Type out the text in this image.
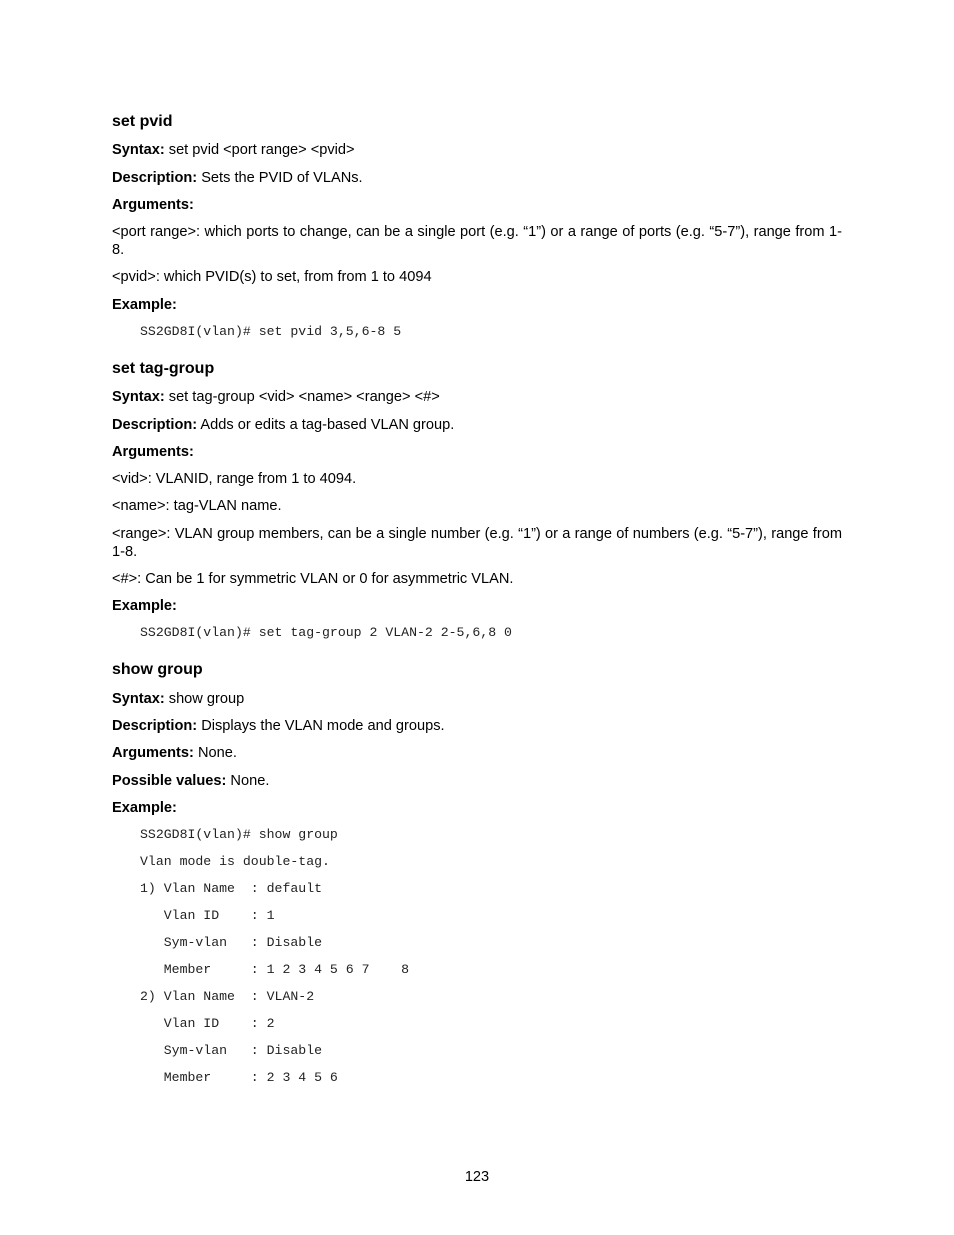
set pvid
Syntax: set pvid <port range> <pvid>
Description: Sets the PVID of VLANs.
Arguments:
<port range>: which ports to change, can be a single port (e.g. “1”) or a range of ports (e.g. “5-7”), range from 1-8.
<pvid>: which PVID(s) to set, from from 1 to 4094
Example:
SS2GD8I(vlan)# set pvid 3,5,6-8 5
set tag-group
Syntax: set tag-group <vid> <name> <range> <#>
Description: Adds or edits a tag-based VLAN group.
Arguments:
<vid>: VLANID, range from 1 to 4094.
<name>: tag-VLAN name.
<range>: VLAN group members, can be a single number (e.g. “1”) or a range of numbers (e.g. “5-7”), range from 1-8.
<#>: Can be 1 for symmetric VLAN or 0 for asymmetric VLAN.
Example:
SS2GD8I(vlan)# set tag-group 2 VLAN-2 2-5,6,8 0
show group
Syntax: show group
Description: Displays the VLAN mode and groups.
Arguments: None.
Possible values: None.
Example:
SS2GD8I(vlan)# show group
Vlan mode is double-tag.
1) Vlan Name  : default
Vlan ID    : 1
Sym-vlan   : Disable
Member     : 1 2 3 4 5 6 7    8
2) Vlan Name  : VLAN-2
Vlan ID    : 2
Sym-vlan   : Disable
Member     : 2 3 4 5 6
123
